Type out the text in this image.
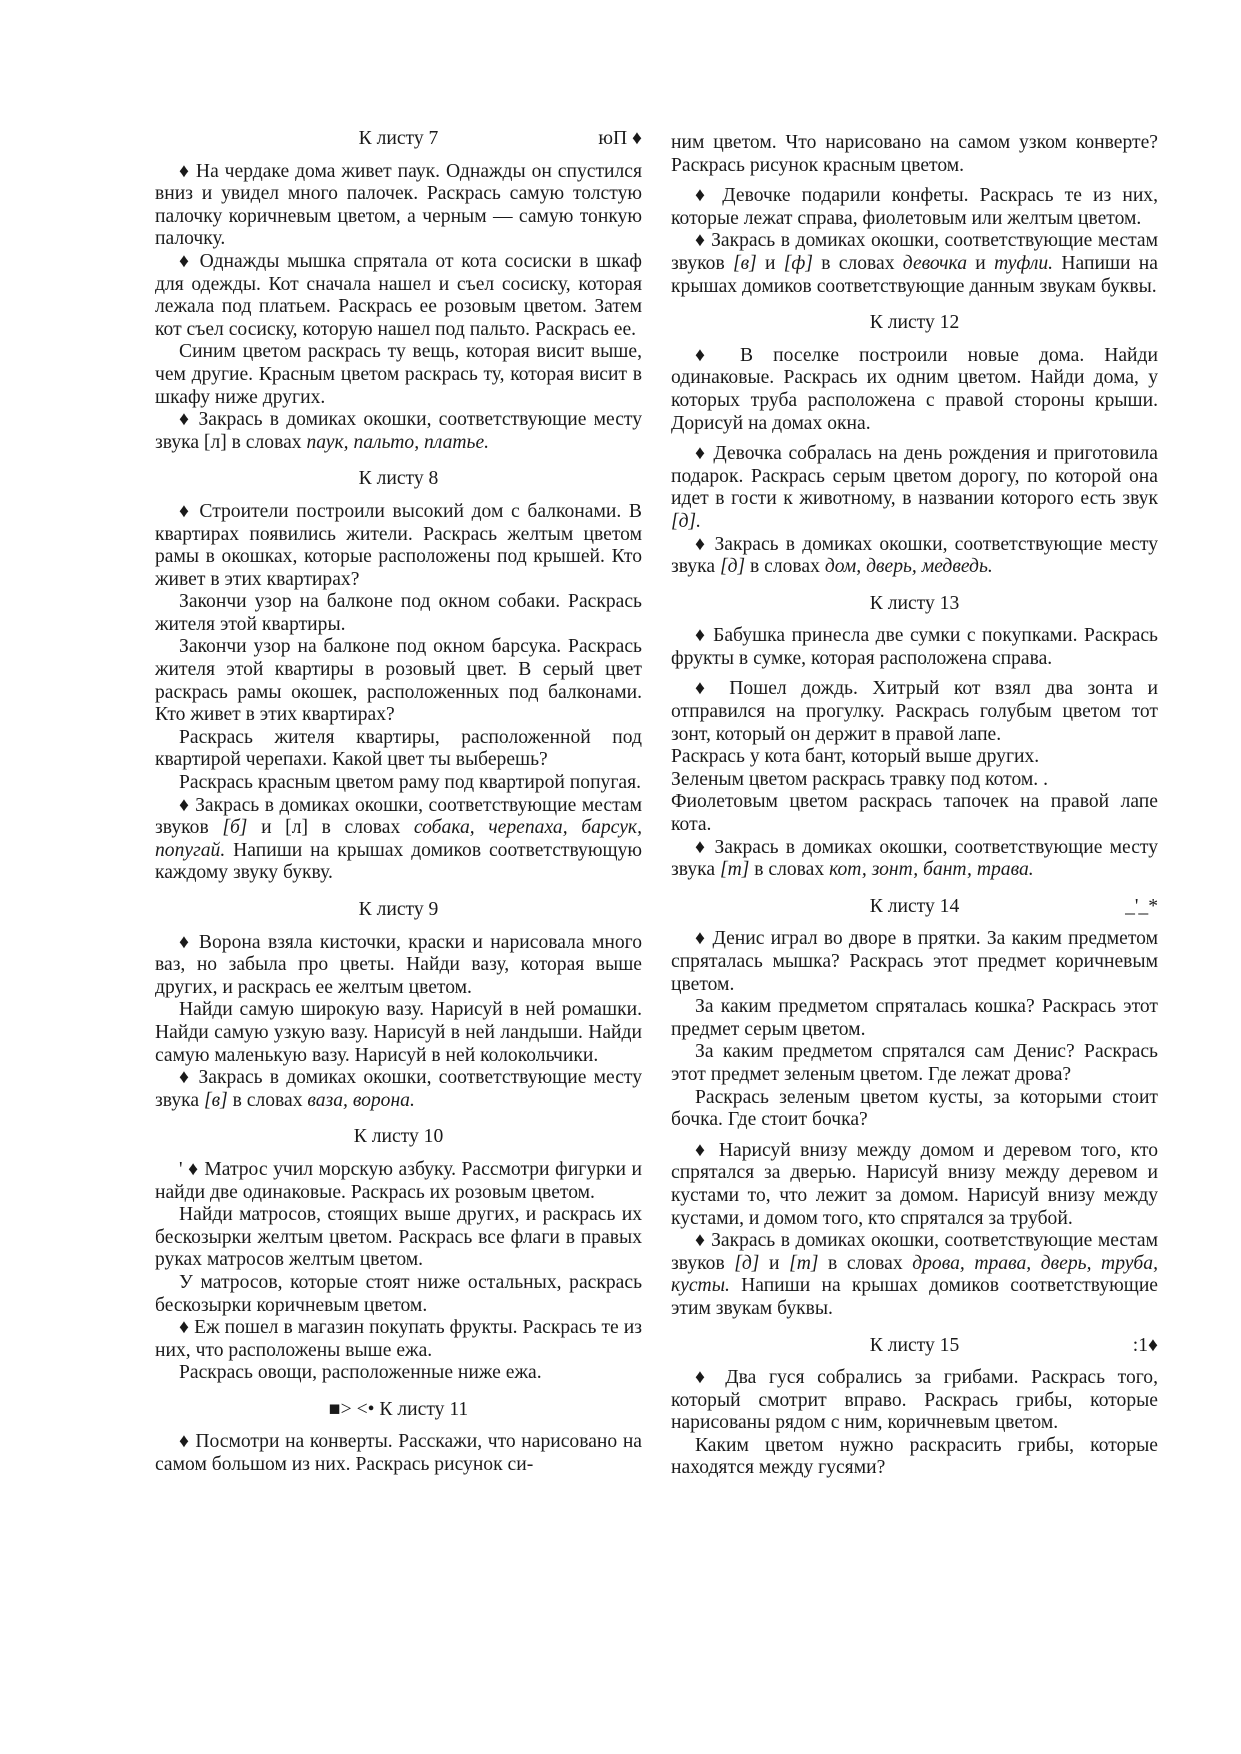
К листу 7	юП ♦

♦ На чердаке дома живет паук. Однажды он спустился вниз и увидел много палочек. Раскрась самую толстую палочку коричневым цветом, а черным — самую тонкую палочку.

♦ Однажды мышка спрятала от кота сосиски в шкаф для одежды. Кот сначала нашел и съел сосиску, которая лежала под платьем. Раскрась ее розовым цветом. Затем кот съел сосиску, которую нашел под пальто. Раскрась ее.

Синим цветом раскрась ту вещь, которая висит выше, чем другие. Красным цветом раскрась ту, которая висит в шкафу ниже других.

♦ Закрась в домиках окошки, соответствующие месту звука [л] в словах паук, пальто, платье.

К листу 8

♦ Строители построили высокий дом с балконами. В квартирах появились жители. Раскрась желтым цветом рамы в окошках, которые расположены под крышей. Кто живет в этих квартирах?

Закончи узор на балконе под окном собаки. Раскрась жителя этой квартиры.

Закончи узор на балконе под окном барсука. Раскрась жителя этой квартиры в розовый цвет. В серый цвет раскрась рамы окошек, расположенных под балконами. Кто живет в этих квартирах?

Раскрась жителя квартиры, расположенной под квартирой черепахи. Какой цвет ты выберешь?

Раскрась красным цветом раму под квартирой попугая.

♦ Закрась в домиках окошки, соответствующие местам звуков [б] и [л] в словах собака, черепаха, барсук, попугай. Напиши на крышах домиков соответствующую каждому звуку букву.

К листу 9

♦ Ворона взяла кисточки, краски и нарисовала много ваз, но забыла про цветы. Найди вазу, которая выше других, и раскрась ее желтым цветом.

Найди самую широкую вазу. Нарисуй в ней ромашки. Найди самую узкую вазу. Нарисуй в ней ландыши. Найди самую маленькую вазу. Нарисуй в ней колокольчики.

♦ Закрась в домиках окошки, соответствующие месту звука [в] в словах ваза, ворона.

К листу 10

' ♦ Матрос учил морскую азбуку. Рассмотри фигурки и найди две одинаковые. Раскрась их розовым цветом.

Найди матросов, стоящих выше других, и раскрась их бескозырки желтым цветом. Раскрась все флаги в правых руках матросов желтым цветом.

У матросов, которые стоят ниже остальных, раскрась бескозырки коричневым цветом.

♦ Еж пошел в магазин покупать фрукты. Раскрась те из них, что расположены выше ежа.

Раскрась овощи, расположенные ниже ежа.

■> <• К листу 11

♦ Посмотри на конверты. Расскажи, что нарисовано на самом большом из них. Раскрась рисунок си-

ним цветом. Что нарисовано на самом узком конверте? Раскрась рисунок красным цветом.

♦ Девочке подарили конфеты. Раскрась те из них, которые лежат справа, фиолетовым или желтым цветом.

♦ Закрась в домиках окошки, соответствующие местам звуков [в] и [ф] в словах девочка и туфли. Напиши на крышах домиков соответствующие данным звукам буквы.

К листу 12

♦ В поселке построили новые дома. Найди одинаковые. Раскрась их одним цветом. Найди дома, у которых труба расположена с правой стороны крыши. Дорисуй на домах окна.

♦ Девочка собралась на день рождения и приготовила подарок. Раскрась серым цветом дорогу, по которой она идет в гости к животному, в названии которого есть звук [д].

♦ Закрась в домиках окошки, соответствующие месту звука [д] в словах дом, дверь, медведь.

К листу 13

♦ Бабушка принесла две сумки с покупками. Раскрась фрукты в сумке, которая расположена справа.

♦ Пошел дождь. Хитрый кот взял два зонта и отправился на прогулку. Раскрась голубым цветом тот зонт, который он держит в правой лапе.

Раскрась у кота бант, который выше других.

Зеленым цветом раскрась травку под котом. .

Фиолетовым цветом раскрась тапочек на правой лапе кота.

♦ Закрась в домиках окошки, соответствующие месту звука [т] в словах кот, зонт, бант, трава.

К листу 14	_'_*

♦ Денис играл во дворе в прятки. За каким предметом спряталась мышка? Раскрась этот предмет коричневым цветом.

За каким предметом спряталась кошка? Раскрась этот предмет серым цветом.

За каким предметом спрятался сам Денис? Раскрась этот предмет зеленым цветом. Где лежат дрова?

Раскрась зеленым цветом кусты, за которыми стоит бочка. Где стоит бочка?

♦ Нарисуй внизу между домом и деревом того, кто спрятался за дверью. Нарисуй внизу между деревом и кустами то, что лежит за домом. Нарисуй внизу между кустами, и домом того, кто спрятался за трубой.

♦ Закрась в домиках окошки, соответствующие местам звуков [д] и [т] в словах дрова, трава, дверь, труба, кусты. Напиши на крышах домиков соответствующие этим звукам буквы.

К листу 15	:1♦

♦ Два гуся собрались за грибами. Раскрась того, который смотрит вправо. Раскрась грибы, которые нарисованы рядом с ним, коричневым цветом.

Каким цветом нужно раскрасить грибы, которые находятся между гусями?
